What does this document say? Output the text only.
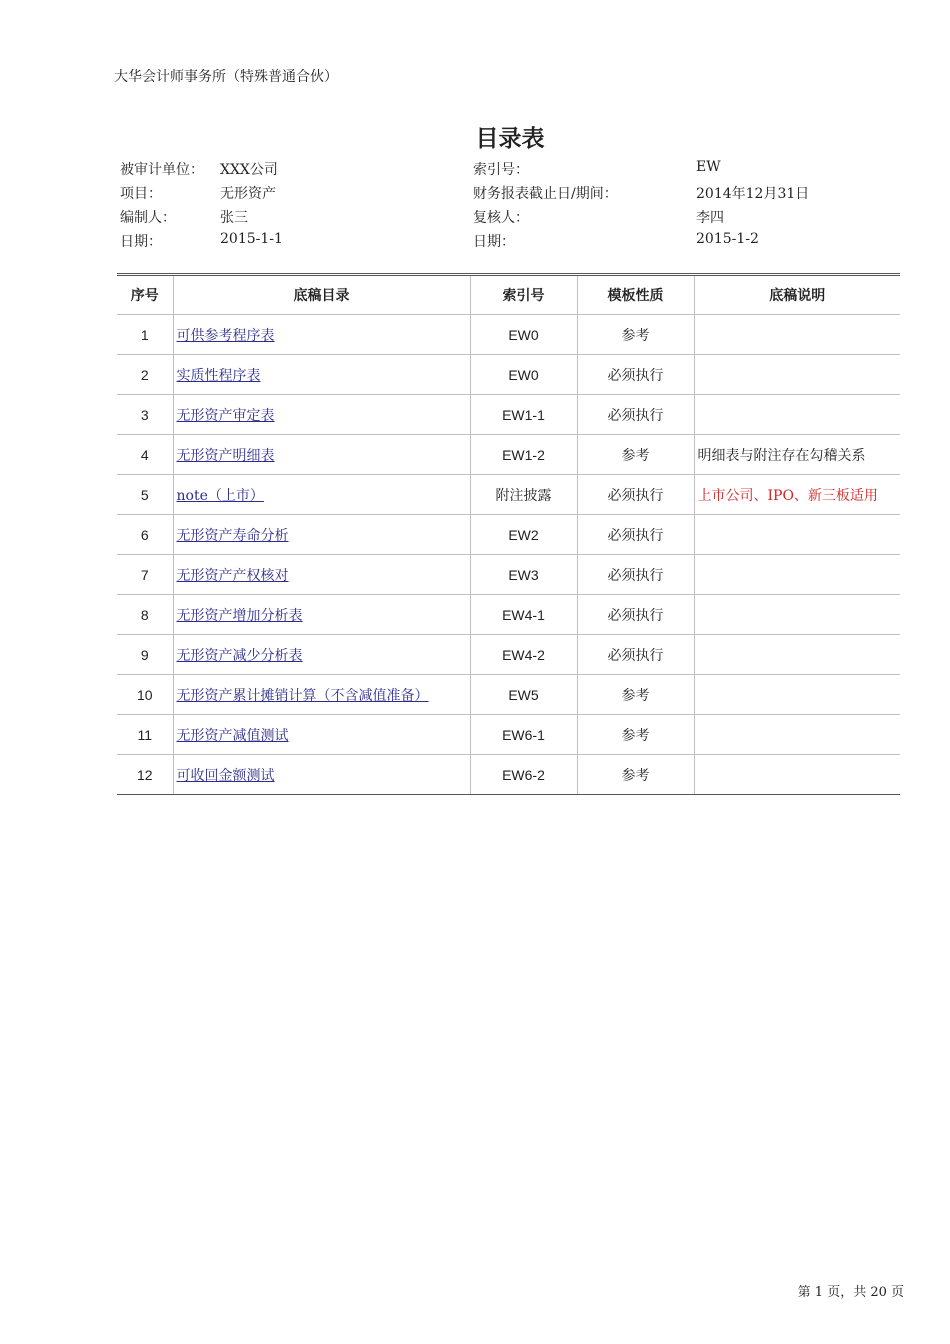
大华会计师事务所（特殊普通合伙）
目录表
被审计单位： XXX公司
项目：	无形资产
编制人：	张三
日期：	2015-1-1
索引号：	EW
财务报表截止日/期间：	2014年12月31日
复核人：	李四
日期：	2015-1-2
序号	底稿目录	索引号	模板性质	底稿说明
1	可供参考程序表	EW0	参考	
2	实质性程序表	EW0	必须执行	
3	无形资产审定表	EW1-1	必须执行	
4	无形资产明细表	EW1-2	参考	明细表与附注存在勾稽关系
5	note（上市）	附注披露	必须执行	上市公司、IPO、新三板适用
6	无形资产寿命分析	EW2	必须执行	
7	无形资产产权核对	EW3	必须执行	
8	无形资产增加分析表	EW4-1	必须执行	
9	无形资产减少分析表	EW4-2	必须执行	
10	无形资产累计摊销计算（不含减值准备）	EW5	参考	
11	无形资产减值测试	EW6-1	参考	
12	可收回金额测试	EW6-2	参考	
第 1 页，共 20 页
